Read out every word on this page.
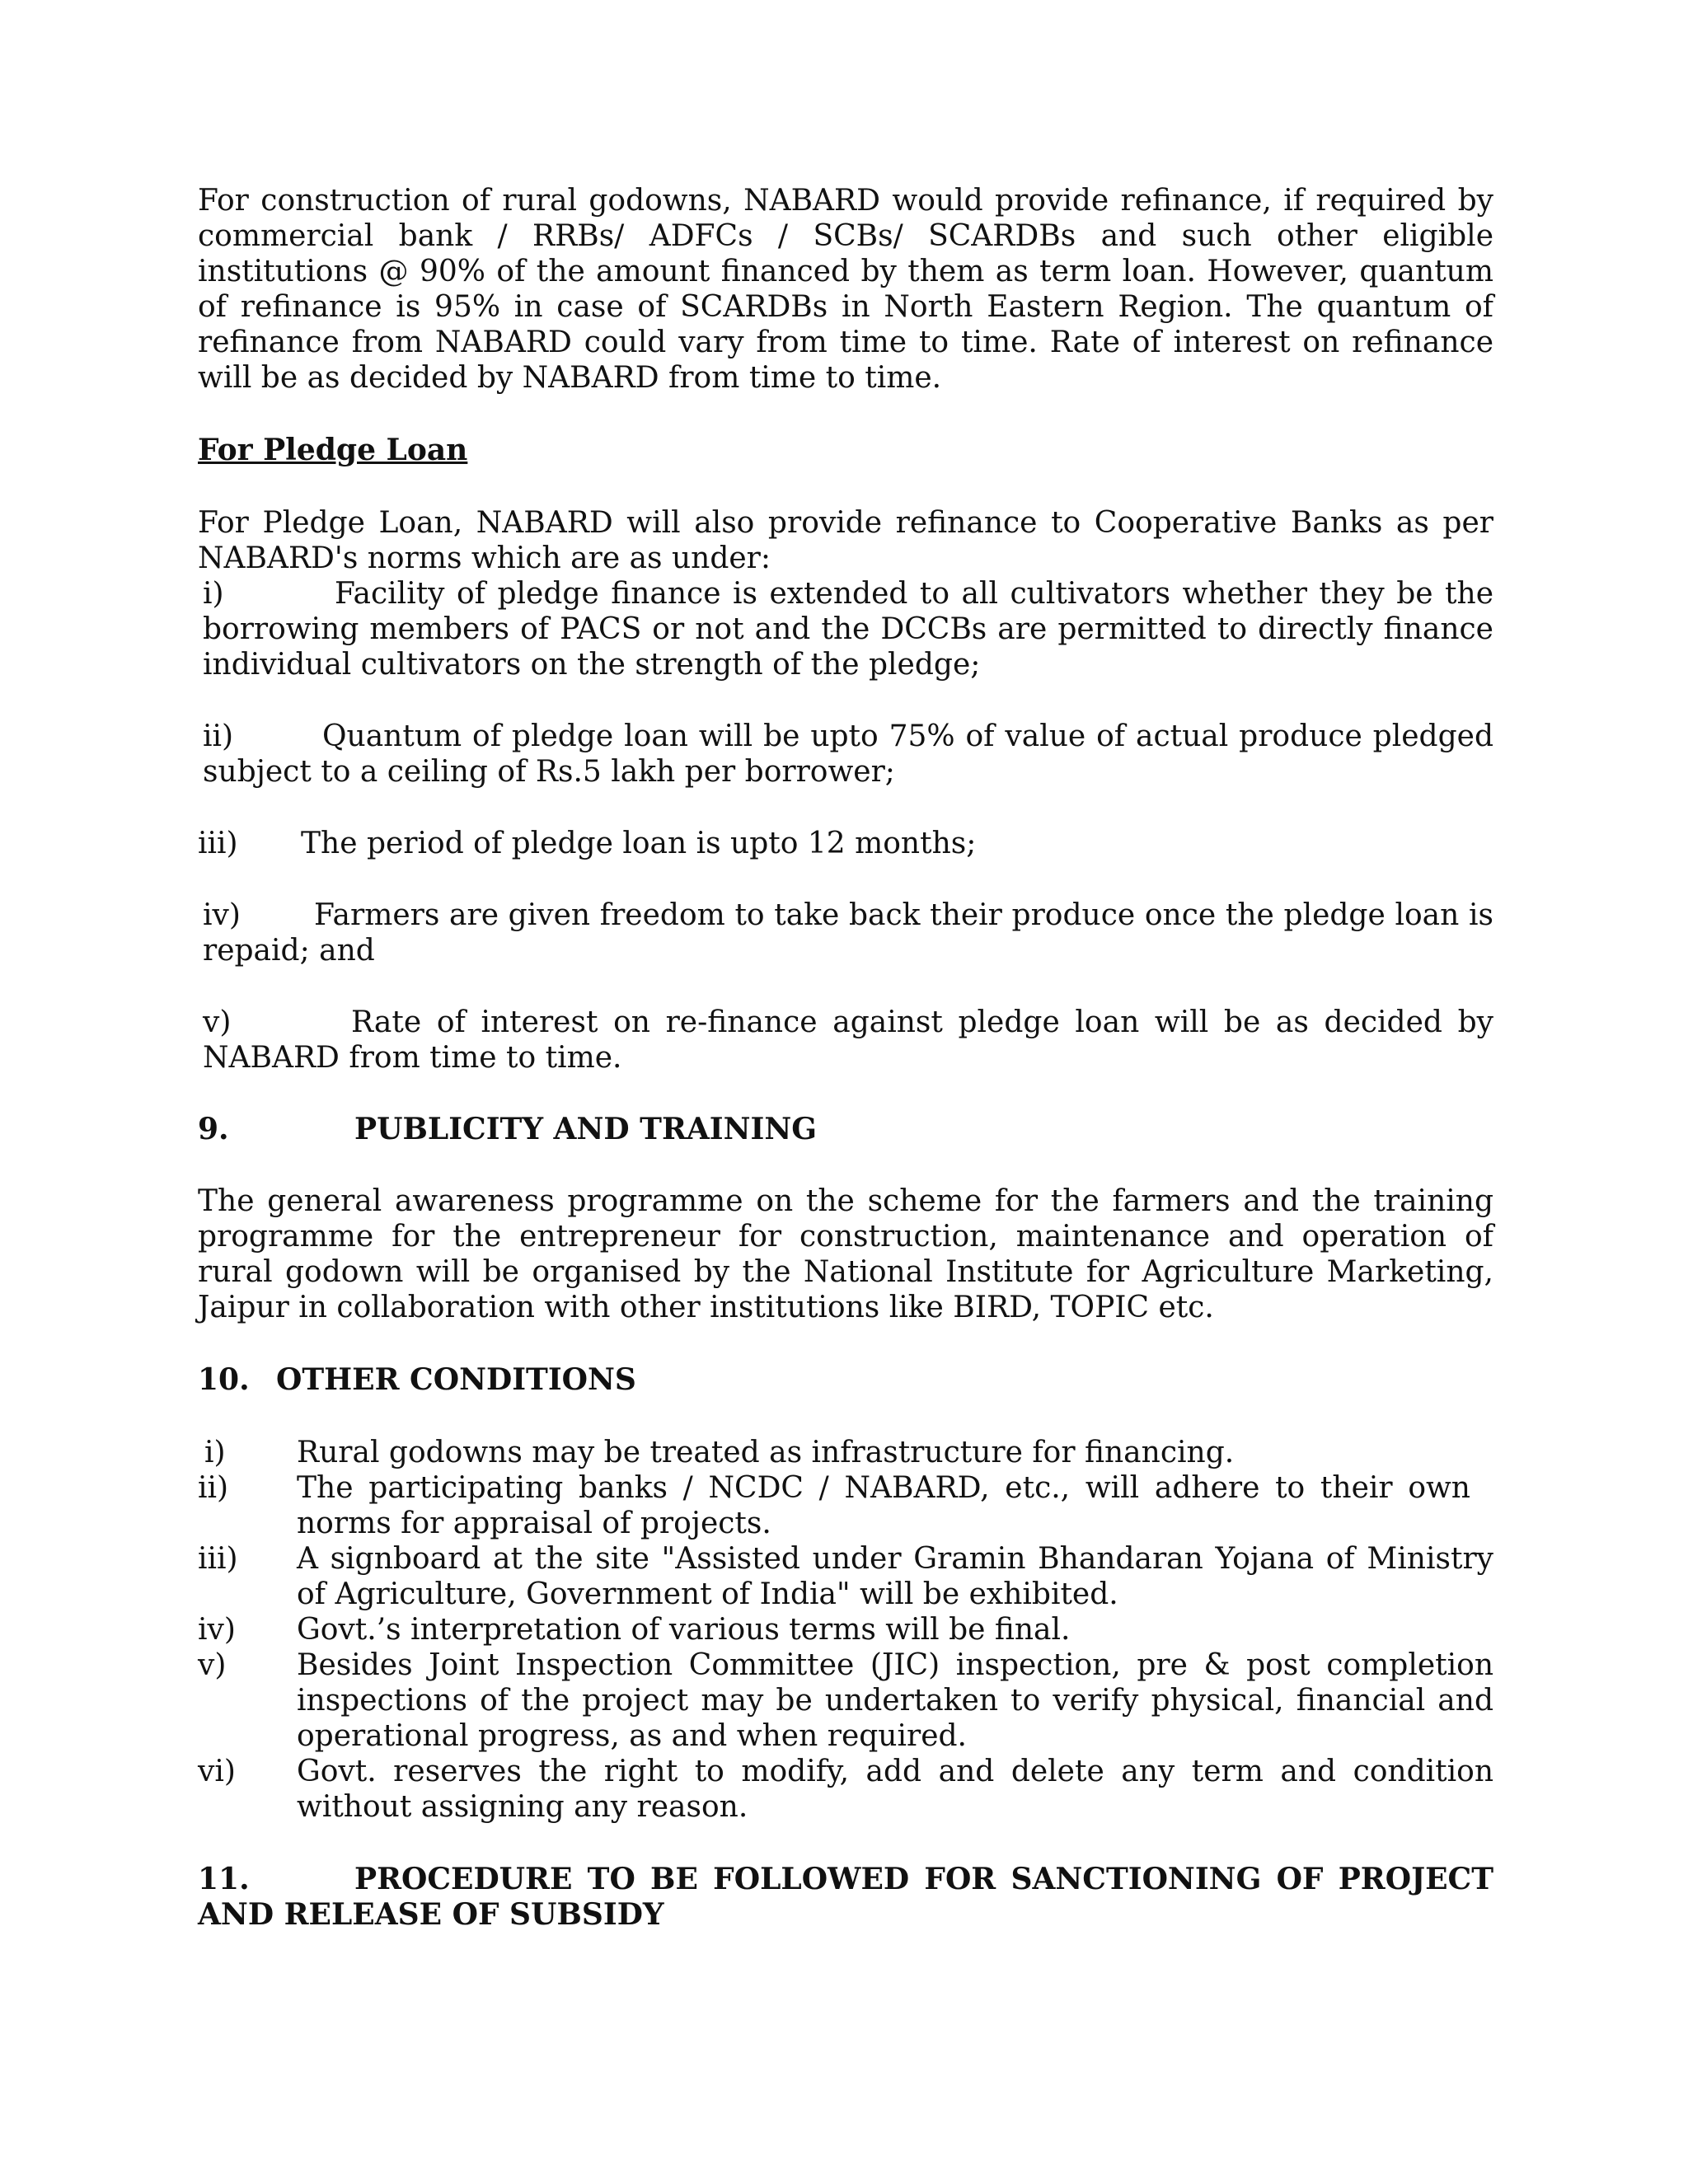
For construction of rural godowns, NABARD would provide refinance, if required by commercial bank / RRBs/ ADFCs / SCBs/ SCARDBs and such other eligible institutions @ 90% of the amount financed by them as term loan. However, quantum of refinance is 95% in case of SCARDBs in North Eastern Region. The quantum of refinance from NABARD could vary from time to time. Rate of interest on refinance will be as decided by NABARD from time to time.

For Pledge Loan

For Pledge Loan, NABARD will also provide refinance to Cooperative Banks as per NABARD's norms which are as under:

i)	Facility of pledge finance is extended to all cultivators whether they be the borrowing members of PACS or not and the DCCBs are permitted to directly finance individual cultivators on the strength of the pledge;

ii)	Quantum of pledge loan will be upto 75% of value of actual produce pledged subject to a ceiling of Rs.5 lakh per borrower;

iii) The period of pledge loan is upto 12 months;

iv) Farmers are given freedom to take back their produce once the pledge loan is repaid; and

v)	Rate of interest on re-finance against pledge loan will be as decided by NABARD from time to time.

9.	PUBLICITY AND TRAINING

The general awareness programme on the scheme for the farmers and the training programme for the entrepreneur for construction, maintenance and operation of rural godown will be organised by the National Institute for Agriculture Marketing, Jaipur in collaboration with other institutions like BIRD, TOPIC etc.

10. OTHER CONDITIONS

i)	Rural godowns may be treated as infrastructure for financing.
ii)	The participating banks / NCDC / NABARD, etc., will adhere to their own norms for appraisal of projects.
iii)	A signboard at the site "Assisted under Gramin Bhandaran Yojana of Ministry of Agriculture, Government of India" will be exhibited.
iv)	Govt.’s interpretation of various terms will be final.
v)	Besides Joint Inspection Committee (JIC) inspection, pre & post completion inspections of the project may be undertaken to verify physical, financial and operational progress, as and when required.
vi)	Govt. reserves the right to modify, add and delete any term and condition without assigning any reason.

11.	PROCEDURE TO BE FOLLOWED FOR SANCTIONING OF PROJECT AND RELEASE OF SUBSIDY
